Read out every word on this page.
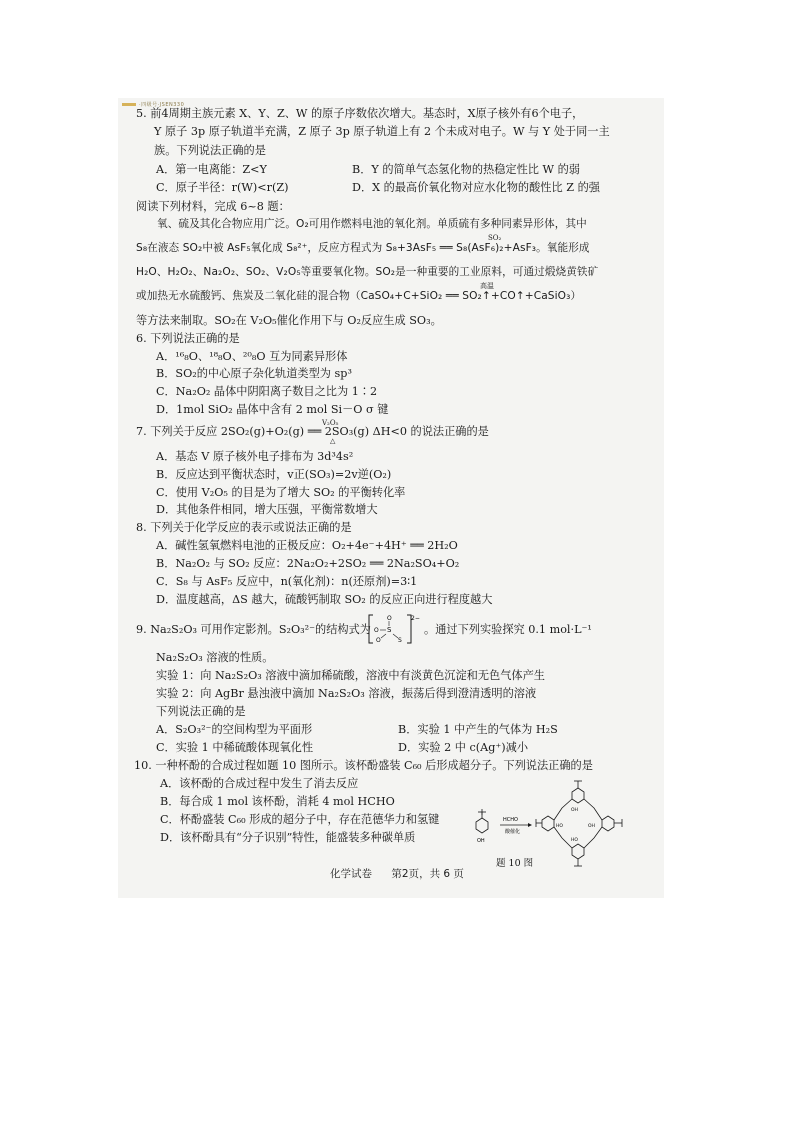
·四级号·JSEN330
5. 前4周期主族元素 X、Y、Z、W 的原子序数依次增大。基态时，X原子核外有6个电子，
Y 原子 3p 原子轨道半充满，Z 原子 3p 原子轨道上有 2 个未成对电子。W 与 Y 处于同一主
族。下列说法正确的是
A．第一电离能：Z<Y	B．Y 的简单气态氢化物的热稳定性比 W 的弱
C．原子半径：r(W)<r(Z)	D．X 的最高价氧化物对应水化物的酸性比 Z 的强
阅读下列材料，完成 6~8 题：
氧、硫及其化合物应用广泛。O₂可用作燃料电池的氧化剂。单质硫有多种同素异形体，其中
S₈在液态 SO₂中被 AsF₅氧化成 S₈²⁺，反应方程式为 S₈+3AsF₅ ══ S₈(AsF₆)₂+AsF₃。氧能形成
SO₂
H₂O、H₂O₂、Na₂O₂、SO₂、V₂O₅等重要氧化物。SO₂是一种重要的工业原料，可通过煅烧黄铁矿
或加热无水硫酸钙、焦炭及二氧化硅的混合物（CaSO₄+C+SiO₂ ══ SO₂↑+CO↑+CaSiO₃）
高温
等方法来制取。SO₂在 V₂O₅催化作用下与 O₂反应生成 SO₃。
6. 下列说法正确的是
A．¹⁶₈O、¹⁸₈O、²⁰₈O 互为同素异形体
B．SO₂的中心原子杂化轨道类型为 sp³
C．Na₂O₂ 晶体中阴阳离子数目之比为 1∶2
D．1mol SiO₂ 晶体中含有 2 mol Si－O σ 键
7. 下列关于反应 2SO₂(g)+O₂(g) ══ 2SO₃(g) ΔH<0 的说法正确的是
V₂O₅
△
A．基态 V 原子核外电子排布为 3d³4s²
B．反应达到平衡状态时，v正(SO₃)=2v逆(O₂)
C．使用 V₂O₅ 的目是为了增大 SO₂ 的平衡转化率
D．其他条件相同，增大压强，平衡常数增大
8. 下列关于化学反应的表示或说法正确的是
A．碱性氢氧燃料电池的正极反应：O₂+4e⁻+4H⁺ ══ 2H₂O
B．Na₂O₂ 与 SO₂ 反应：2Na₂O₂+2SO₂ ══ 2Na₂SO₄+O₂
C．S₈ 与 AsF₅ 反应中，n(氧化剂)：n(还原剂)=3∶1
D．温度越高，ΔS 越大，硫酸钙制取 SO₂ 的反应正向进行程度越大
9. Na₂S₂O₃ 可用作定影剂。S₂O₃²⁻的结构式为 S
O
O
O	S
2−
。通过下列实验探究 0.1 mol·L⁻¹
Na₂S₂O₃ 溶液的性质。
实验 1：向 Na₂S₂O₃ 溶液中滴加稀硫酸，溶液中有淡黄色沉淀和无色气体产生
实验 2：向 AgBr 悬浊液中滴加 Na₂S₂O₃ 溶液，振荡后得到澄清透明的溶液
下列说法正确的是
A．S₂O₃²⁻的空间构型为平面形	B．实验 1 中产生的气体为 H₂S
C．实验 1 中稀硫酸体现氧化性	D．实验 2 中 c(Ag⁺)减小
10. 一种杯酚的合成过程如题 10 图所示。该杯酚盛装 C₆₀ 后形成超分子。下列说法正确的是
A．该杯酚的合成过程中发生了消去反应
B．每合成 1 mol 该杯酚，消耗 4 mol HCHO
C．杯酚盛装 C₆₀ 形成的超分子中，存在范德华力和氢键
D．该杯酚具有“分子识别”特性，能盛装多种碳单质	OH
HCHO
酸催化
OH
OH
HO
HO
题 10 图
化学试卷 第2页，共 6 页
